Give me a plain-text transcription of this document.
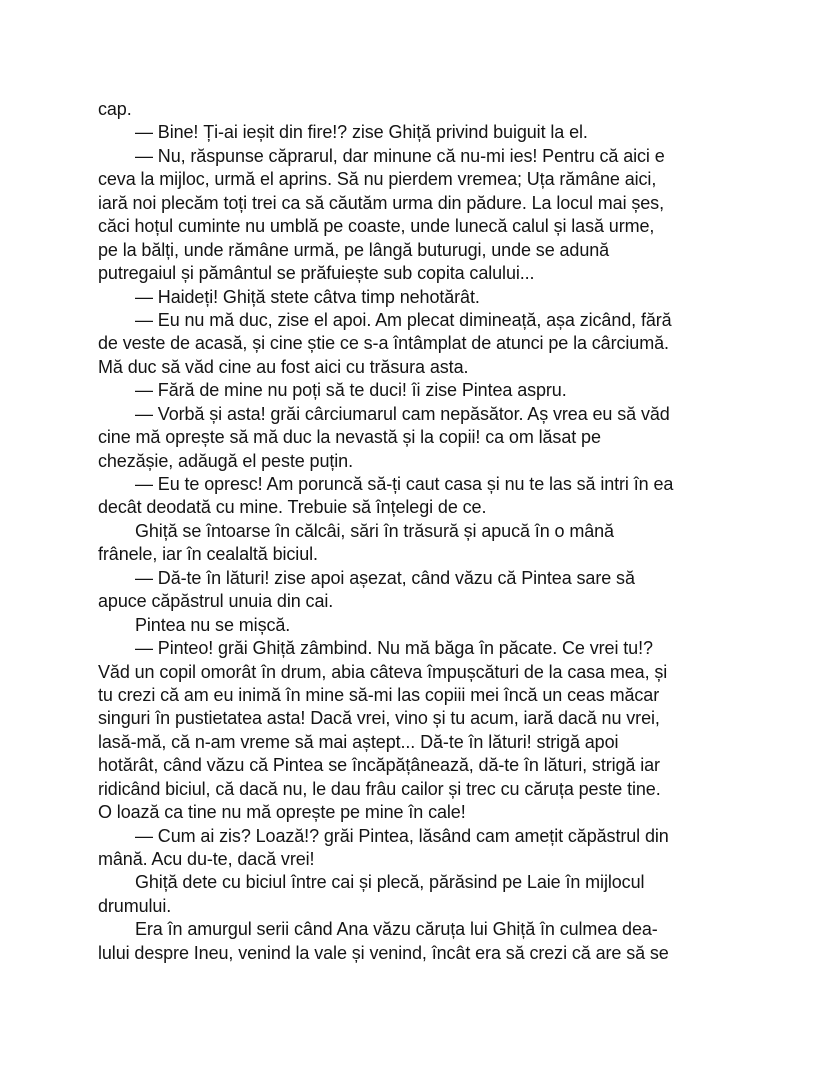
cap.
— Bine! Ți-ai ieșit din fire!? zise Ghiță privind buiguit la el.
— Nu, răspunse căprarul, dar minune că nu-mi ies! Pentru că aici e
ceva la mijloc, urmă el aprins. Să nu pierdem vremea; Uța rămâne aici,
iară noi plecăm toți trei ca să căutăm urma din pădure. La locul mai șes,
căci hoțul cuminte nu umblă pe coaste, unde lunecă calul și lasă urme,
pe la bălți, unde rămâne urmă, pe lângă buturugi, unde se adună
putregaiul și pământul se prăfuiește sub copita calului...
— Haideți! Ghiță stete câtva timp nehotărât.
— Eu nu mă duc, zise el apoi. Am plecat dimineață, așa zicând, fără
de veste de acasă, și cine știe ce s-a întâmplat de atunci pe la cârciumă.
Mă duc să văd cine au fost aici cu trăsura asta.
— Fără de mine nu poți să te duci! îi zise Pintea aspru.
— Vorbă și asta! grăi cârciumarul cam nepăsător. Aș vrea eu să văd
cine mă oprește să mă duc la nevastă și la copii! ca om lăsat pe
chezășie, adăugă el peste puțin.
— Eu te opresc! Am poruncă să-ți caut casa și nu te las să intri în ea
decât deodată cu mine. Trebuie să înțelegi de ce.
Ghiță se întoarse în călcâi, sări în trăsură și apucă în o mână
frânele, iar în cealaltă biciul.
— Dă-te în lături! zise apoi așezat, când văzu că Pintea sare să
apuce căpăstrul unuia din cai.
Pintea nu se mișcă.
— Pinteo! grăi Ghiță zâmbind. Nu mă băga în păcate. Ce vrei tu!?
Văd un copil omorât în drum, abia câteva împușcături de la casa mea, și
tu crezi că am eu inimă în mine să-mi las copiii mei încă un ceas măcar
singuri în pustietatea asta! Dacă vrei, vino și tu acum, iară dacă nu vrei,
lasă-mă, că n-am vreme să mai aștept... Dă-te în lături! strigă apoi
hotărât, când văzu că Pintea se încăpățânează, dă-te în lături, strigă iar
ridicând biciul, că dacă nu, le dau frâu cailor și trec cu căruța peste tine.
O loază ca tine nu mă oprește pe mine în cale!
— Cum ai zis? Loază!? grăi Pintea, lăsând cam amețit căpăstrul din
mână. Acu du-te, dacă vrei!
Ghiță dete cu biciul între cai și plecă, părăsind pe Laie în mijlocul
drumului.
Era în amurgul serii când Ana văzu căruța lui Ghiță în culmea dea-
lului despre Ineu, venind la vale și venind, încât era să crezi că are să se
